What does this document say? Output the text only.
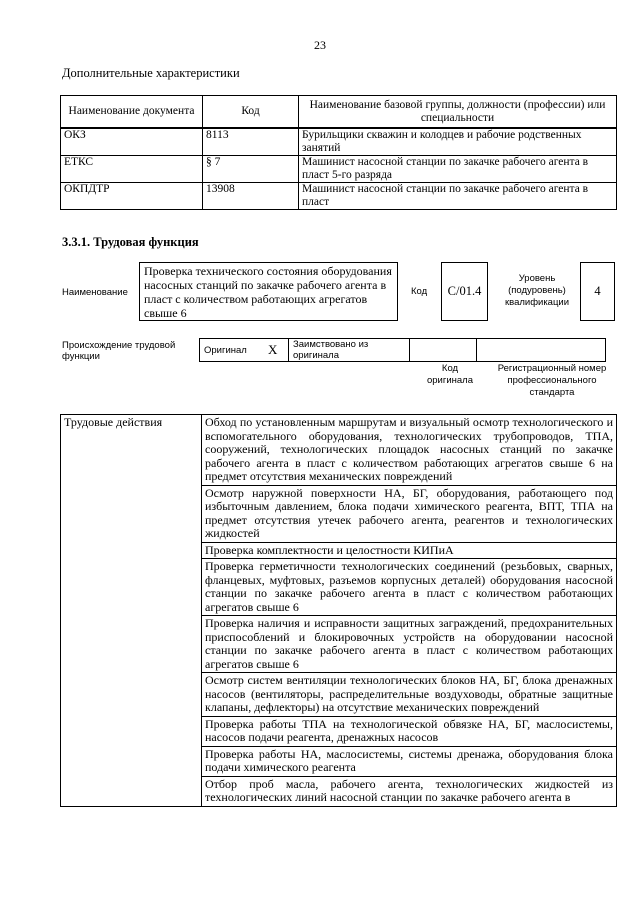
23
Дополнительные характеристики
Наименование документа	Код	Наименование базовой группы, должности (профессии) или специальности
ОКЗ	8113	Бурильщики скважин и колодцев и рабочие родственных занятий
ЕТКС	§ 7	Машинист насосной станции по закачке рабочего агента в пласт 5-го разряда
ОКПДТР	13908	Машинист насосной станции по закачке рабочего агента в пласт
3.3.1. Трудовая функция
Наименование
Проверка технического состояния оборудования насосных станций по закачке рабочего агента в пласт с количеством работающих агрегатов свыше 6
Код	С/01.4
Уровень (подуровень) квалификации
4
Происхождение трудовой функции
Оригинал	X	Заимствовано из оригинала		
Код оригинала
Регистрационный номер профессионального стандарта
Трудовые действия	Обход по установленным маршрутам и визуальный осмотр технологического и вспомогательного оборудования, технологических трубопроводов, ТПА, сооружений, технологических площадок насосных станций по закачке рабочего агента в пласт с количеством работающих агрегатов свыше 6 на предмет отсутствия механических повреждений
Осмотр наружной поверхности НА, БГ, оборудования, работающего под избыточным давлением, блока подачи химического реагента, ВПТ, ТПА на предмет отсутствия утечек рабочего агента, реагентов и технологических жидкостей
Проверка комплектности и целостности КИПиА
Проверка герметичности технологических соединений (резьбовых, сварных, фланцевых, муфтовых, разъемов корпусных деталей) оборудования насосной станции по закачке рабочего агента в пласт с количеством работающих агрегатов свыше 6
Проверка наличия и исправности защитных заграждений, предохранительных приспособлений и блокировочных устройств на оборудовании насосной станции по закачке рабочего агента в пласт с количеством работающих агрегатов свыше 6
Осмотр систем вентиляции технологических блоков НА, БГ, блока дренажных насосов (вентиляторы, распределительные воздуховоды, обратные защитные клапаны, дефлекторы) на отсутствие механических повреждений
Проверка работы ТПА на технологической обвязке НА, БГ, маслосистемы, насосов подачи реагента, дренажных насосов
Проверка работы НА, маслосистемы, системы дренажа, оборудования блока подачи химического реагента
Отбор проб масла, рабочего агента, технологических жидкостей из технологических линий насосной станции по закачке рабочего агента в
